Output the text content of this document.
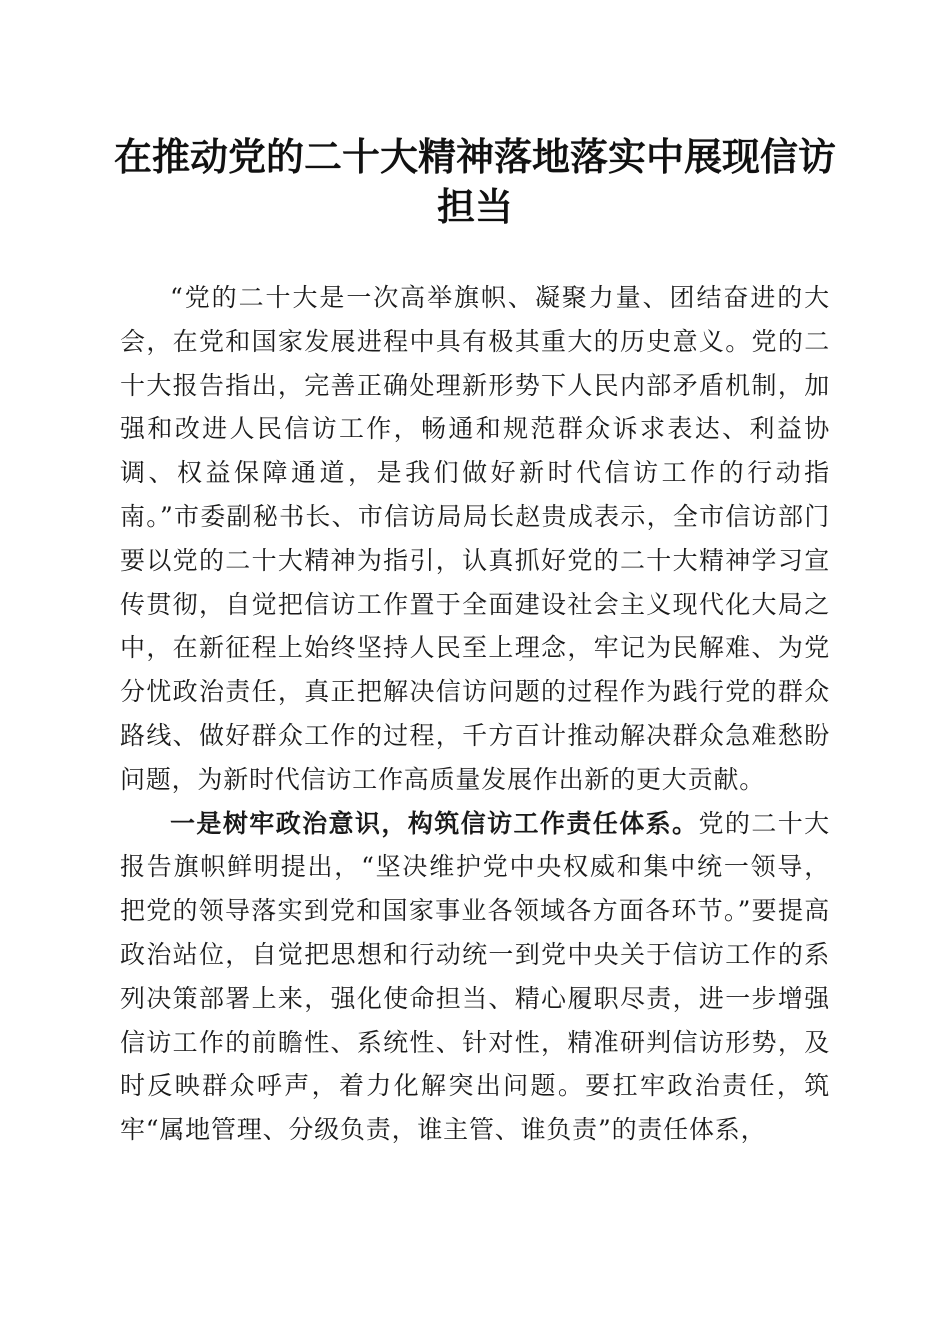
在推动党的二十大精神落地落实中展现信访担当

“党的二十大是一次高举旗帜、凝聚力量、团结奋进的大会，在党和国家发展进程中具有极其重大的历史意义。党的二十大报告指出，完善正确处理新形势下人民内部矛盾机制，加强和改进人民信访工作，畅通和规范群众诉求表达、利益协调、权益保障通道，是我们做好新时代信访工作的行动指南。”市委副秘书长、市信访局局长赵贵成表示，全市信访部门要以党的二十大精神为指引，认真抓好党的二十大精神学习宣传贯彻，自觉把信访工作置于全面建设社会主义现代化大局之中，在新征程上始终坚持人民至上理念，牢记为民解难、为党分忧政治责任，真正把解决信访问题的过程作为践行党的群众路线、做好群众工作的过程，千方百计推动解决群众急难愁盼问题，为新时代信访工作高质量发展作出新的更大贡献。

一是树牢政治意识，构筑信访工作责任体系。党的二十大报告旗帜鲜明提出，“坚决维护党中央权威和集中统一领导，把党的领导落实到党和国家事业各领域各方面各环节。”要提高政治站位，自觉把思想和行动统一到党中央关于信访工作的系列决策部署上来，强化使命担当、精心履职尽责，进一步增强信访工作的前瞻性、系统性、针对性，精准研判信访形势，及时反映群众呼声，着力化解突出问题。要扛牢政治责任，筑牢“属地管理、分级负责，谁主管、谁负责”的责任体系，
